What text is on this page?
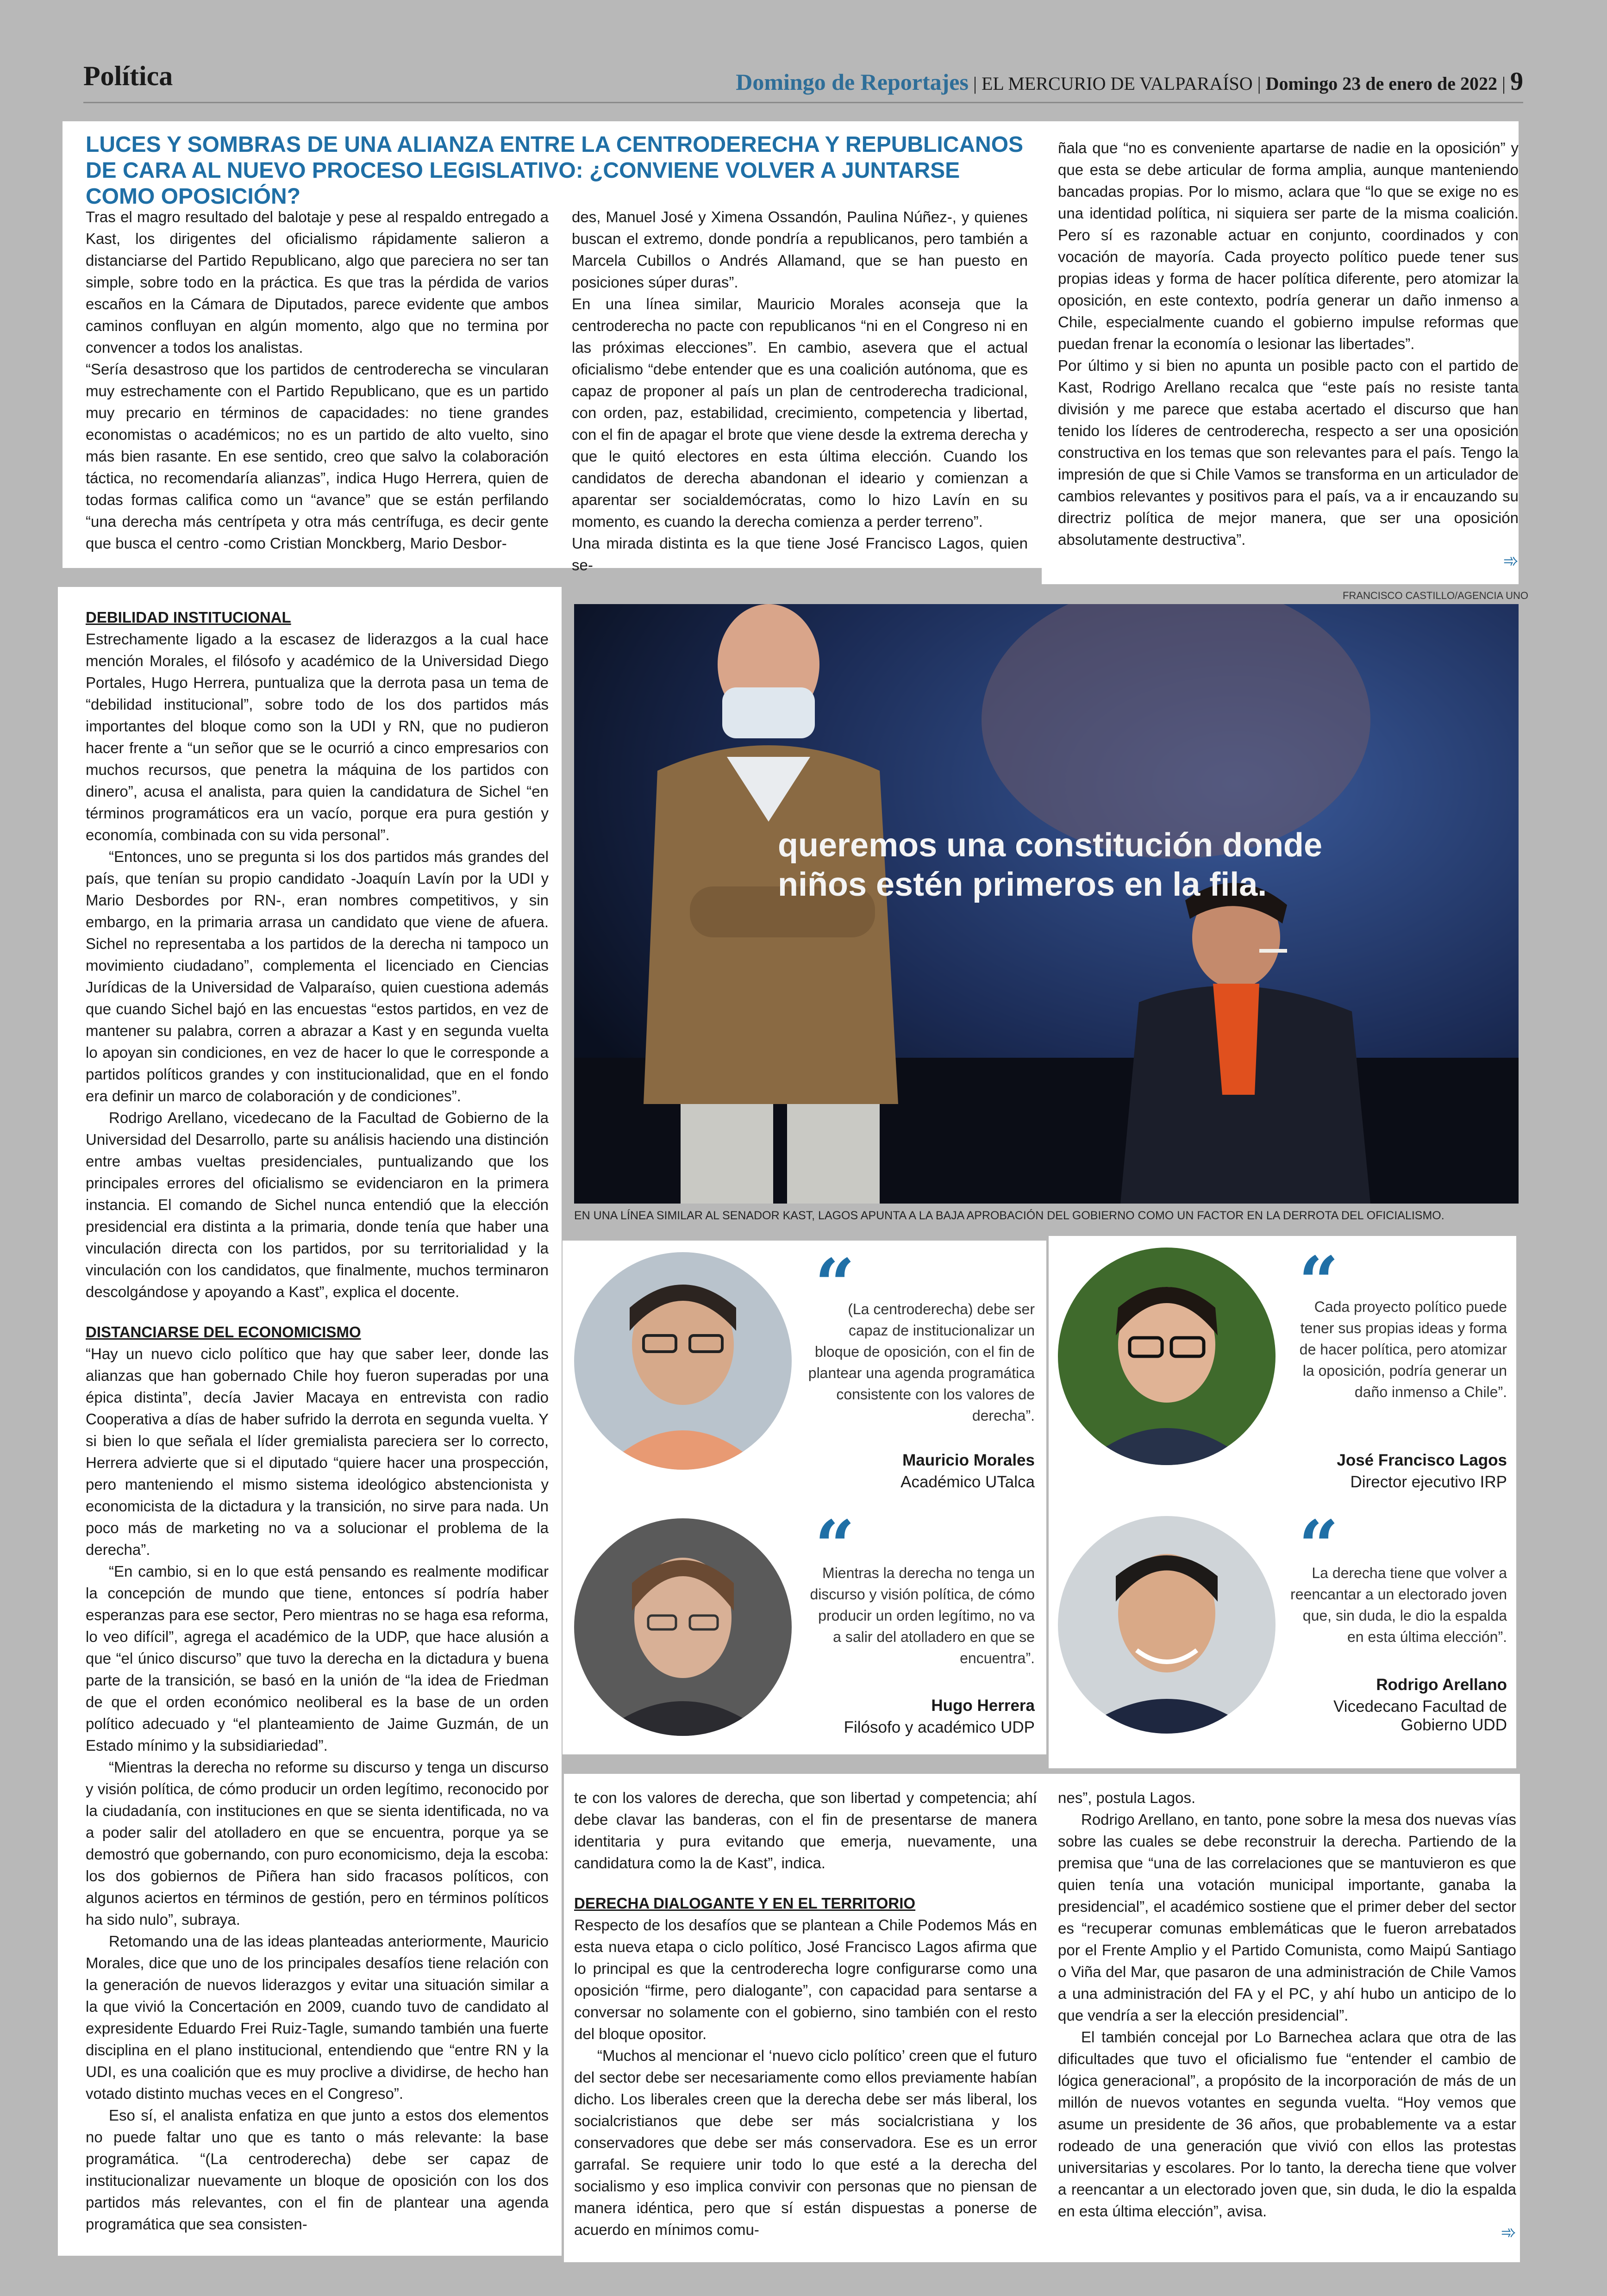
Política	Domingo de Reportajes | EL MERCURIO DE VALPARAÍSO | Domingo 23 de enero de 2022 | 9
LUCES Y SOMBRAS DE UNA ALIANZA ENTRE LA CENTRODERECHA Y REPUBLICANOS DE CARA AL NUEVO PROCESO LEGISLATIVO: ¿CONVIENE VOLVER A JUNTARSE COMO OPOSICIÓN?

Tras el magro resultado del balotaje y pese al respaldo entregado a Kast, los dirigentes del oficialismo rápidamente salieron a distanciarse del Partido Republicano, algo que pareciera no ser tan simple, sobre todo en la práctica. Es que tras la pérdida de varios escaños en la Cámara de Diputados, parece evidente que ambos caminos confluyan en algún momento, algo que no termina por convencer a todos los analistas.

“Sería desastroso que los partidos de centroderecha se vincularan muy estrechamente con el Partido Republicano, que es un partido muy precario en términos de capacidades: no tiene grandes economistas o académicos; no es un partido de alto vuelto, sino más bien rasante. En ese sentido, creo que salvo la colaboración táctica, no recomendaría alianzas”, indica Hugo Herrera, quien de todas formas califica como un “avance” que se están perfilando “una derecha más centrípeta y otra más centrífuga, es decir gente que busca el centro -como Cristian Monckberg, Mario Desbor-

des, Manuel José y Ximena Ossandón, Paulina Núñez-, y quienes buscan el extremo, donde pondría a republicanos, pero también a Marcela Cubillos o Andrés Allamand, que se han puesto en posiciones súper duras”.

En una línea similar, Mauricio Morales aconseja que la centroderecha no pacte con republicanos “ni en el Congreso ni en las próximas elecciones”. En cambio, asevera que el actual oficialismo “debe entender que es una coalición autónoma, que es capaz de proponer al país un plan de centroderecha tradicional, con orden, paz, estabilidad, crecimiento, competencia y libertad, con el fin de apagar el brote que viene desde la extrema derecha y que le quitó electores en esta última elección. Cuando los candidatos de derecha abandonan el ideario y comienzan a aparentar ser socialdemócratas, como lo hizo Lavín en su momento, es cuando la derecha comienza a perder terreno”.

Una mirada distinta es la que tiene José Francisco Lagos, quien se-

ñala que “no es conveniente apartarse de nadie en la oposición” y que esta se debe articular de forma amplia, aunque manteniendo bancadas propias. Por lo mismo, aclara que “lo que se exige no es una identidad política, ni siquiera ser parte de la misma coalición. Pero sí es razonable actuar en conjunto, coordinados y con vocación de mayoría. Cada proyecto político puede tener sus propias ideas y forma de hacer política diferente, pero atomizar la oposición, en este contexto, podría generar un daño inmenso a Chile, especialmente cuando el gobierno impulse reformas que puedan frenar la economía o lesionar las libertades”.

Por último y si bien no apunta un posible pacto con el partido de Kast, Rodrigo Arellano recalca que “este país no resiste tanta división y me parece que estaba acertado el discurso que han tenido los líderes de centroderecha, respecto a ser una oposición constructiva en los temas que son relevantes para el país. Tengo la impresión de que si Chile Vamos se transforma en un articulador de cambios relevantes y positivos para el país, va a ir encauzando su directriz política de mejor manera, que ser una oposición absolutamente destructiva”.

➾
DEBILIDAD INSTITUCIONAL

Estrechamente ligado a la escasez de liderazgos a la cual hace mención Morales, el filósofo y académico de la Universidad Diego Portales, Hugo Herrera, puntualiza que la derrota pasa un tema de “debilidad institucional”, sobre todo de los dos partidos más importantes del bloque como son la UDI y RN, que no pudieron hacer frente a “un señor que se le ocurrió a cinco empresarios con muchos recursos, que penetra la máquina de los partidos con dinero”, acusa el analista, para quien la candidatura de Sichel “en términos programáticos era un vacío, porque era pura gestión y economía, combinada con su vida personal”.

“Entonces, uno se pregunta si los dos partidos más grandes del país, que tenían su propio candidato -Joaquín Lavín por la UDI y Mario Desbordes por RN-, eran nombres competitivos, y sin embargo, en la primaria arrasa un candidato que viene de afuera. Sichel no representaba a los partidos de la derecha ni tampoco un movimiento ciudadano”, complementa el licenciado en Ciencias Jurídicas de la Universidad de Valparaíso, quien cuestiona además que cuando Sichel bajó en las encuestas “estos partidos, en vez de mantener su palabra, corren a abrazar a Kast y en segunda vuelta lo apoyan sin condiciones, en vez de hacer lo que le corresponde a partidos políticos grandes y con institucionalidad, que en el fondo era definir un marco de colaboración y de condiciones”.

Rodrigo Arellano, vicedecano de la Facultad de Gobierno de la Universidad del Desarrollo, parte su análisis haciendo una distinción entre ambas vueltas presidenciales, puntualizando que los principales errores del oficialismo se evidenciaron en la primera instancia. El comando de Sichel nunca entendió que la elección presidencial era distinta a la primaria, donde tenía que haber una vinculación directa con los partidos, por su territorialidad y la vinculación con los candidatos, que finalmente, muchos terminaron descolgándose y apoyando a Kast”, explica el docente.

DISTANCIARSE DEL ECONOMICISMO

“Hay un nuevo ciclo político que hay que saber leer, donde las alianzas que han gobernado Chile hoy fueron superadas por una épica distinta”, decía Javier Macaya en entrevista con radio Cooperativa a días de haber sufrido la derrota en segunda vuelta. Y si bien lo que señala el líder gremialista pareciera ser lo correcto, Herrera advierte que si el diputado “quiere hacer una prospección, pero manteniendo el mismo sistema ideológico abstencionista y economicista de la dictadura y la transición, no sirve para nada. Un poco más de marketing no va a solucionar el problema de la derecha”.

“En cambio, si en lo que está pensando es realmente modificar la concepción de mundo que tiene, entonces sí podría haber esperanzas para ese sector, Pero mientras no se haga esa reforma, lo veo difícil”, agrega el académico de la UDP, que hace alusión a que “el único discurso” que tuvo la derecha en la dictadura y buena parte de la transición, se basó en la unión de “la idea de Friedman de que el orden económico neoliberal es la base de un orden político adecuado y “el planteamiento de Jaime Guzmán, de un Estado mínimo y la subsidiariedad”.

“Mientras la derecha no reforme su discurso y tenga un discurso y visión política, de cómo producir un orden legítimo, reconocido por la ciudadanía, con instituciones en que se sienta identificada, no va a poder salir del atolladero en que se encuentra, porque ya se demostró que gobernando, con puro economicismo, deja la escoba: los dos gobiernos de Piñera han sido fracasos políticos, con algunos aciertos en términos de gestión, pero en términos políticos ha sido nulo”, subraya.

Retomando una de las ideas planteadas anteriormente, Mauricio Morales, dice que uno de los principales desafíos tiene relación con la generación de nuevos liderazgos y evitar una situación similar a la que vivió la Concertación en 2009, cuando tuvo de candidato al expresidente Eduardo Frei Ruiz-Tagle, sumando también una fuerte disciplina en el plano institucional, entendiendo que “entre RN y la UDI, es una coalición que es muy proclive a dividirse, de hecho han votado distinto muchas veces en el Congreso”.

Eso sí, el analista enfatiza en que junto a estos dos elementos no puede faltar uno que es tanto o más relevante: la base programática. “(La centroderecha) debe ser capaz de institucionalizar nuevamente un bloque de oposición con los dos partidos más relevantes, con el fin de plantear una agenda programática que sea consisten-

FRANCISCO CASTILLO/AGENCIA UNO
queremos una constitución donde
niños estén primeros en la fila.
EN UNA LÍNEA SIMILAR AL SENADOR KAST, LAGOS APUNTA A LA BAJA APROBACIÓN DEL GOBIERNO COMO UN FACTOR EN LA DERROTA DEL OFICIALISMO.
“
(La centroderecha) debe ser capaz de institucionalizar un bloque de oposición, con el fin de plantear una agenda programática consistente con los valores de derecha”.
Mauricio Morales
Académico UTalca
“
Cada proyecto político puede tener sus propias ideas y forma de hacer política, pero atomizar la oposición, podría generar un daño inmenso a Chile”.
José Francisco Lagos
Director ejecutivo IRP
“
Mientras la derecha no tenga un discurso y visión política, de cómo producir un orden legítimo, no va a salir del atolladero en que se encuentra”.
Hugo Herrera
Filósofo y académico UDP
“
La derecha tiene que volver a reencantar a un electorado joven que, sin duda, le dio la espalda en esta última elección”.
Rodrigo Arellano
Vicedecano Facultad de Gobierno UDD

te con los valores de derecha, que son libertad y competencia; ahí debe clavar las banderas, con el fin de presentarse de manera identitaria y pura evitando que emerja, nuevamente, una candidatura como la de Kast”, indica.

DERECHA DIALOGANTE Y EN EL TERRITORIO

Respecto de los desafíos que se plantean a Chile Podemos Más en esta nueva etapa o ciclo político, José Francisco Lagos afirma que lo principal es que la centroderecha logre configurarse como una oposición “firme, pero dialogante”, con capacidad para sentarse a conversar no solamente con el gobierno, sino también con el resto del bloque opositor.

“Muchos al mencionar el ‘nuevo ciclo político’ creen que el futuro del sector debe ser necesariamente como ellos previamente habían dicho. Los liberales creen que la derecha debe ser más liberal, los socialcristianos que debe ser más socialcristiana y los conservadores que debe ser más conservadora. Ese es un error garrafal. Se requiere unir todo lo que esté a la derecha del socialismo y eso implica convivir con personas que no piensan de manera idéntica, pero que sí están dispuestas a ponerse de acuerdo en mínimos comu-

nes”, postula Lagos.

Rodrigo Arellano, en tanto, pone sobre la mesa dos nuevas vías sobre las cuales se debe reconstruir la derecha. Partiendo de la premisa que “una de las correlaciones que se mantuvieron es que quien tenía una votación municipal importante, ganaba la presidencial”, el académico sostiene que el primer deber del sector es “recuperar comunas emblemáticas que le fueron arrebatados por el Frente Amplio y el Partido Comunista, como Maipú Santiago o Viña del Mar, que pasaron de una administración de Chile Vamos a una administración del FA y el PC, y ahí hubo un anticipo de lo que vendría a ser la elección presidencial”.

El también concejal por Lo Barnechea aclara que otra de las dificultades que tuvo el oficialismo fue “entender el cambio de lógica generacional”, a propósito de la incorporación de más de un millón de nuevos votantes en segunda vuelta. “Hoy vemos que asume un presidente de 36 años, que probablemente va a estar rodeado de una generación que vivió con ellos las protestas universitarias y escolares. Por lo tanto, la derecha tiene que volver a reencantar a un electorado joven que, sin duda, le dio la espalda en esta última elección”, avisa.

➾
